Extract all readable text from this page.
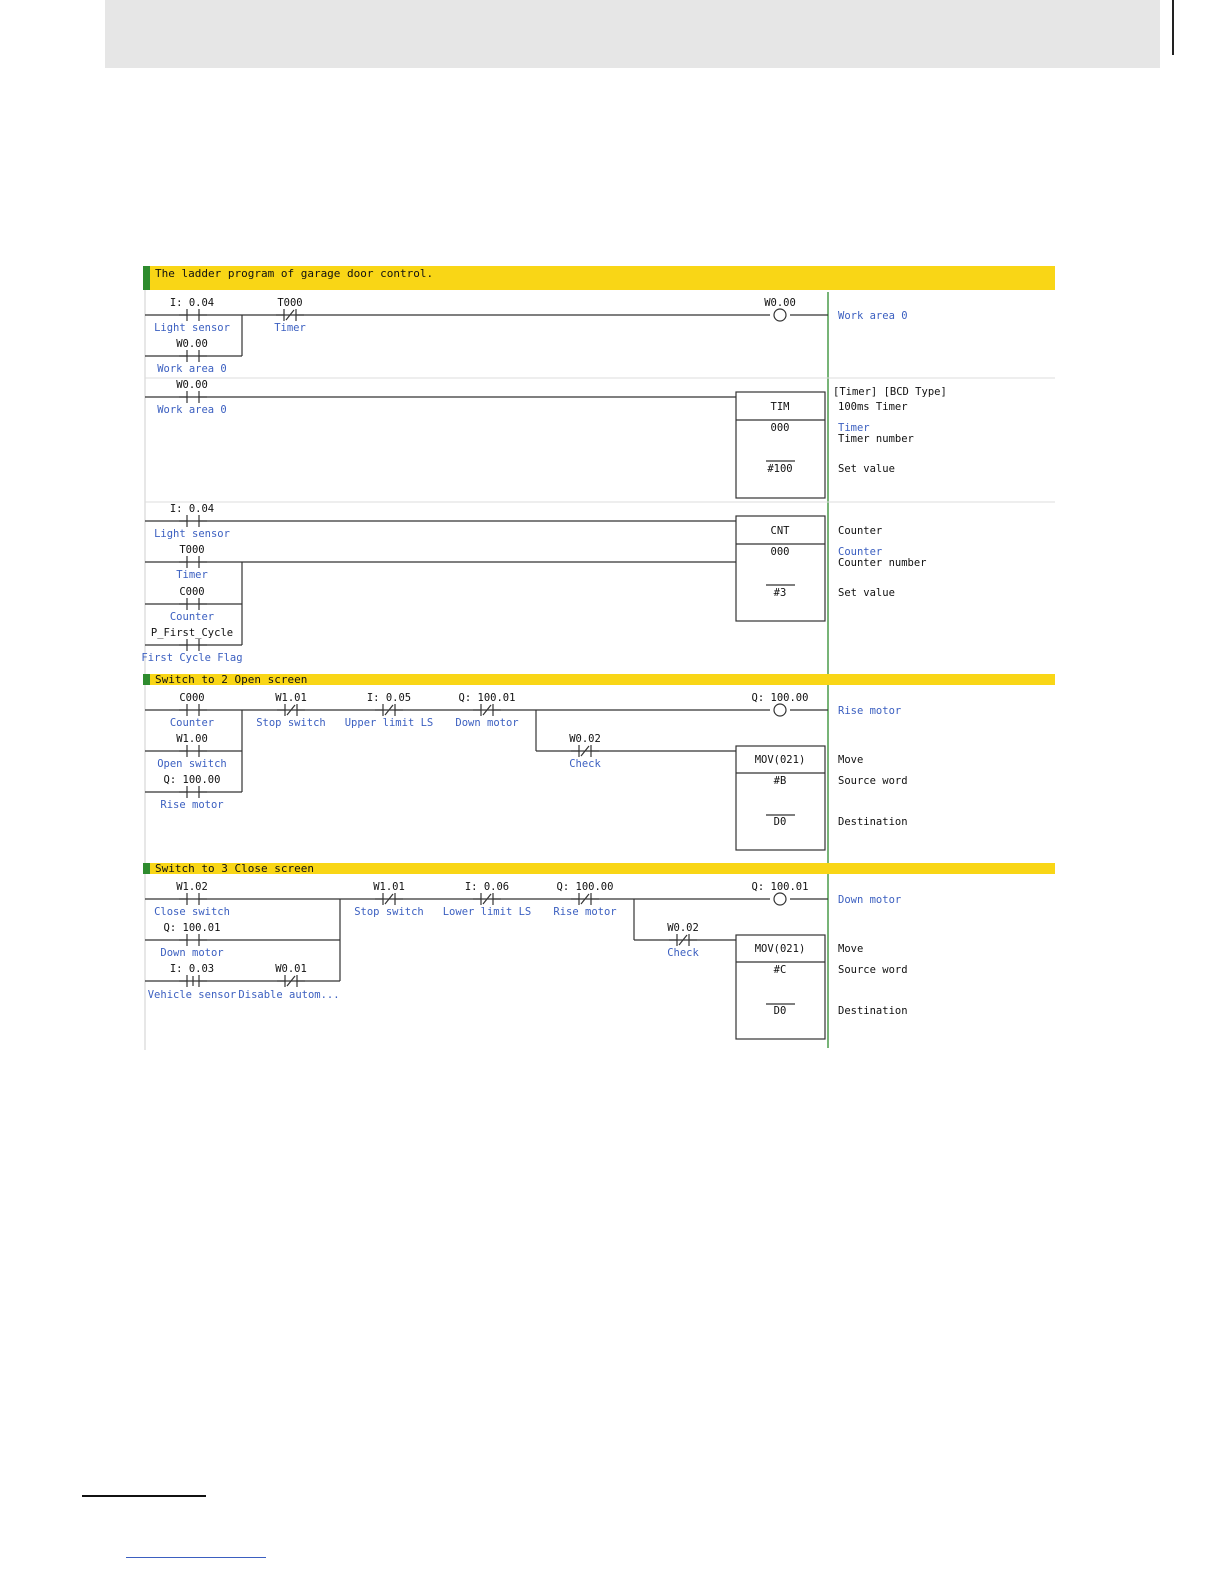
The ladder program of garage door control.
I: 0.04
Light sensor
T000
Timer
W0.00
Work area 0
W0.00
Work area 0
W0.00
Work area 0	TIM
000
#100
[Timer] [BCD Type]
100ms Timer
Timer
Timer number
Set value
I: 0.04
Light sensor
T000
Timer
C000
Counter
P_First_Cycle
First Cycle Flag
CNT
000
#3
Counter
Counter
Counter number
Set value
Switch to 2 Open screen
C000
Counter
W1.01
Stop switch
I: 0.05
Upper limit LS
Q: 100.01
Down motor
W1.00
Open switch
Q: 100.00
Rise motor
W0.02
Check
Q: 100.00
Rise motor
MOV(021)
#B
D0
Move
Source word
Destination
Switch to 3 Close screen
W1.02
Close switch
W1.01
Stop switch
I: 0.06
Lower limit LS
Q: 100.00
Rise motor
Q: 100.01
Down motor
I: 0.03
Vehicle sensor
W0.01
Disable autom...
W0.02
Check
Q: 100.01
Down motor
MOV(021)
#C
D0
Move
Source word
Destination
